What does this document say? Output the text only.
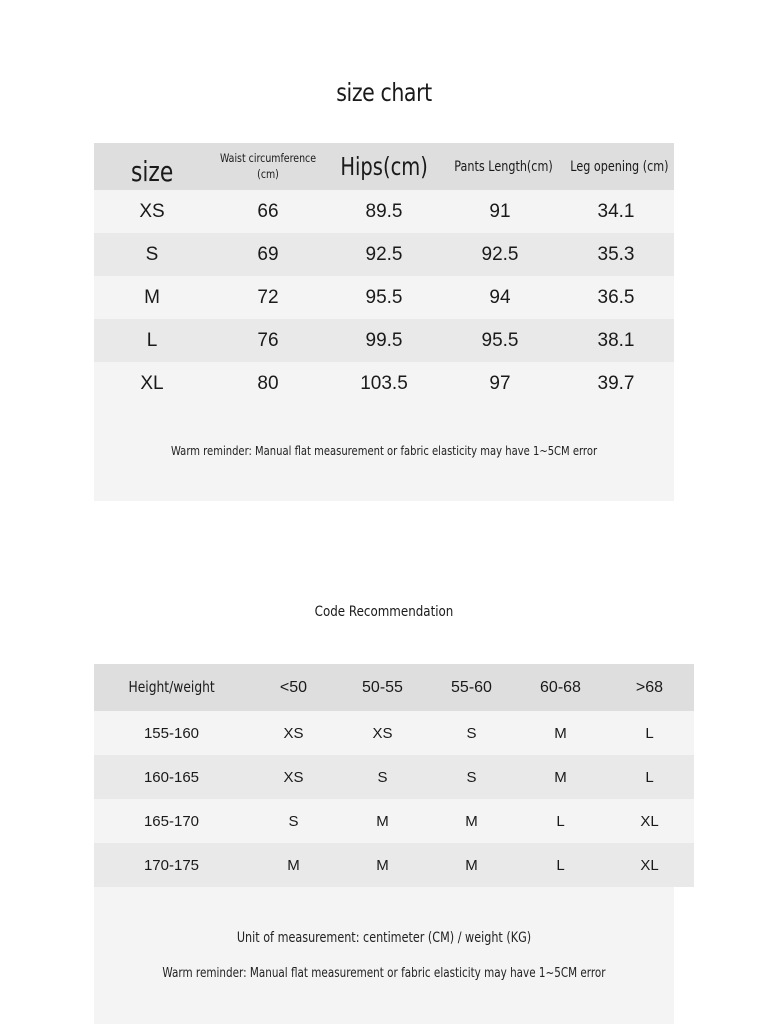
size chart
size	Waist circumference (cm)	Hips(cm)	Pants Length(cm)	Leg opening (cm)
XS	66	89.5	91	34.1
S	69	92.5	92.5	35.3
M	72	95.5	94	36.5
L	76	99.5	95.5	38.1
XL	80	103.5	97	39.7
Warm reminder: Manual flat measurement or fabric elasticity may have 1~5CM error
Code Recommendation
Height/weight	<50	50-55	55-60	60-68	>68
155-160	XS	XS	S	M	L
160-165	XS	S	S	M	L
165-170	S	M	M	L	XL
170-175	M	M	M	L	XL
Unit of measurement: centimeter (CM) / weight (KG)
Warm reminder: Manual flat measurement or fabric elasticity may have 1~5CM error
